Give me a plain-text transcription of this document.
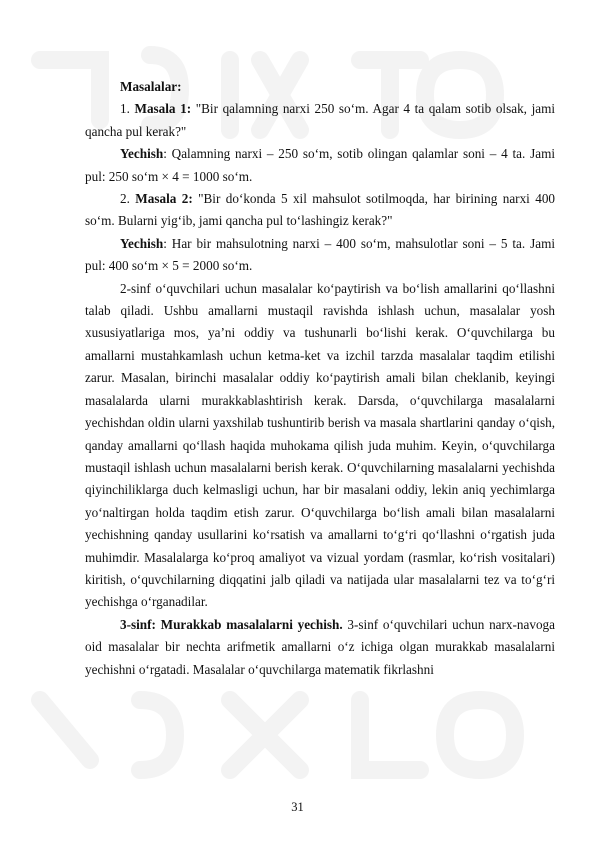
Masalalar:

1. Masala 1: "Bir qalamning narxi 250 so‘m. Agar 4 ta qalam sotib olsak, jami qancha pul kerak?"

Yechish: Qalamning narxi – 250 so‘m, sotib olingan qalamlar soni – 4 ta. Jami pul: 250 so‘m × 4 = 1000 so‘m.

2. Masala 2: "Bir do‘konda 5 xil mahsulot sotilmoqda, har birining narxi 400 so‘m. Bularni yig‘ib, jami qancha pul to‘lashingiz kerak?"

Yechish: Har bir mahsulotning narxi – 400 so‘m, mahsulotlar soni – 5 ta. Jami pul: 400 so‘m × 5 = 2000 so‘m.

2-sinf o‘quvchilari uchun masalalar ko‘paytirish va bo‘lish amallarini qo‘llashni talab qiladi. Ushbu amallarni mustaqil ravishda ishlash uchun, masalalar yosh xususiyatlariga mos, ya’ni oddiy va tushunarli bo‘lishi kerak. O‘quvchilarga bu amallarni mustahkamlash uchun ketma-ket va izchil tarzda masalalar taqdim etilishi zarur. Masalan, birinchi masalalar oddiy ko‘paytirish amali bilan cheklanib, keyingi masalalarda ularni murakkablashtirish kerak. Darsda, o‘quvchilarga masalalarni yechishdan oldin ularni yaxshilab tushuntirib berish va masala shartlarini qanday o‘qish, qanday amallarni qo‘llash haqida muhokama qilish juda muhim. Keyin, o‘quvchilarga mustaqil ishlash uchun masalalarni berish kerak. O‘quvchilarning masalalarni yechishda qiyinchiliklarga duch kelmasligi uchun, har bir masalani oddiy, lekin aniq yechimlarga yo‘naltirgan holda taqdim etish zarur. O‘quvchilarga bo‘lish amali bilan masalalarni yechishning qanday usullarini ko‘rsatish va amallarni to‘g‘ri qo‘llashni o‘rgatish juda muhimdir. Masalalarga ko‘proq amaliyot va vizual yordam (rasmlar, ko‘rish vositalari) kiritish, o‘quvchilarning diqqatini jalb qiladi va natijada ular masalalarni tez va to‘g‘ri yechishga o‘rganadilar.

3-sinf: Murakkab masalalarni yechish. 3-sinf o‘quvchilari uchun narx-navoga oid masalalar bir nechta arifmetik amallarni o‘z ichiga olgan murakkab masalalarni yechishni o‘rgatadi. Masalalar o‘quvchilarga matematik fikrlashni

31
